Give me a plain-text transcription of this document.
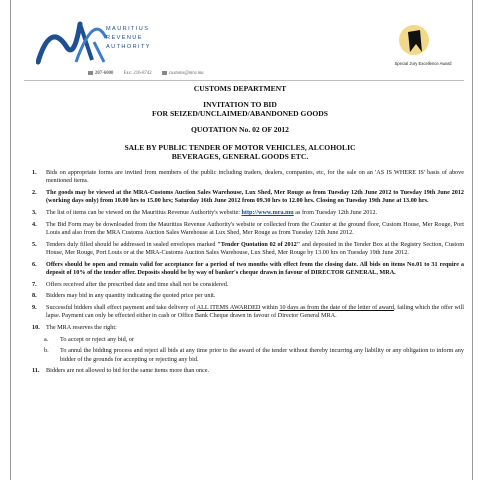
MAURITIUS
REVENUE
AUTHORITY
Special Jury Excellence Award
207-6000 Fax: 216-8742	customs@mra.mu
CUSTOMS DEPARTMENT
INVITATION TO BID
FOR SEIZED/UNCLAIMED/ABANDONED GOODS
QUOTATION No. 02 OF 2012
SALE BY PUBLIC TENDER OF MOTOR VEHICLES, ALCOHOLIC
BEVERAGES, GENERAL GOODS ETC.
1. Bids on appropriate forms are invited from members of the public including traders, dealers, companies, etc, for the sale on an 'AS IS WHERE IS' basis of above mentioned items.
2. The goods may be viewed at the MRA-Customs Auction Sales Warehouse, Lux Shed, Mer Rouge as from Tuesday 12th June 2012 to Tuesday 19th June 2012 (working days only) from 10.00 hrs to 15.00 hrs; Saturday 16th June 2012 from 09.30 hrs to 12.00 hrs. Closing on Tuesday 19th June at 13.00 hrs.
3. The list of items can be viewed on the Mauritius Revenue Authority's website: http://www.mra.mu as from Tuesday 12th June 2012.
4. The Bid Form may be downloaded from the Mauritius Revenue Authority's website or collected from the Counter at the ground floor, Custom House, Mer Rouge, Port Louis and also from the MRA Customs Auction Sales Warehouse at Lux Shed, Mer Rouge as from Tuesday 12th June 2012.
5. Tenders duly filled should be addressed in sealed envelopes marked "Tender Quotation 02 of 2012" and deposited in the Tender Box at the Registry Section, Custom House, Mer Rouge, Port Louis or at the MRA-Customs Auction Sales Warehouse, Lux Shed, Mer Rouge by 13.00 hrs on Tuesday 19th June 2012.
6. Offers should be open and remain valid for acceptance for a period of two months with effect from the closing date. All bids on items No.01 to 31 require a deposit of 10% of the tender offer. Deposits should be by way of banker's cheque drawn in favour of DIRECTOR GENERAL, MRA.
7. Offers received after the prescribed date and time shall not be considered.
8. Bidders may bid in any quantity indicating the quoted price per unit.
9. Successful bidders shall effect payment and take delivery of ALL ITEMS AWARDED within 10 days as from the date of the letter of award, failing which the offer will lapse. Payment can only be effected either in cash or Office Bank Cheque drawn in favour of Director General MRA.
10. The MRA reserves the right:
a. To accept or reject any bid, or
b. To annul the bidding process and reject all bids at any time prior to the award of the tender without thereby incurring any liability or any obligation to inform any bidder of the grounds for accepting or rejecting any bid.
11. Bidders are not allowed to bid for the same items more than once.
